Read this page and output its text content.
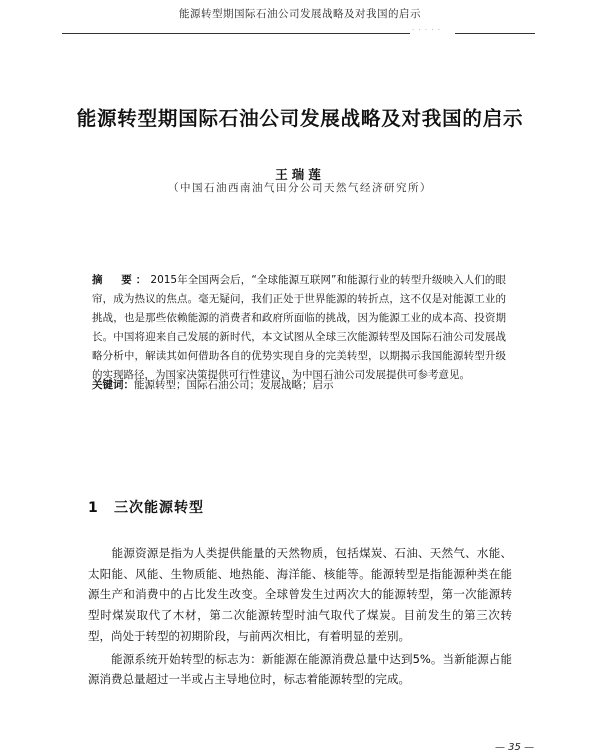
能源转型期国际石油公司发展战略及对我国的启示
· · · · ·
能源转型期国际石油公司发展战略及对我国的启示
王瑞莲
（中国石油西南油气田分公司天然气经济研究所）
摘　要：2015年全国两会后，“全球能源互联网”和能源行业的转型升级映入人们的眼帘，成为热议的焦点。毫无疑问，我们正处于世界能源的转折点，这不仅是对能源工业的挑战，也是那些依赖能源的消费者和政府所面临的挑战，因为能源工业的成本高、投资期长。中国将迎来自己发展的新时代，本文试图从全球三次能源转型及国际石油公司发展战略分析中，解读其如何借助各自的优势实现自身的完美转型，以期揭示我国能源转型升级的实现路径，为国家决策提供可行性建议，为中国石油公司发展提供可参考意见。
关键词：能源转型；国际石油公司；发展战略；启示
1 三次能源转型

　　能源资源是指为人类提供能量的天然物质，包括煤炭、石油、天然气、水能、太阳能、风能、生物质能、地热能、海洋能、核能等。能源转型是指能源种类在能源生产和消费中的占比发生改变。全球曾发生过两次大的能源转型，第一次能源转型时煤炭取代了木材，第二次能源转型时油气取代了煤炭。目前发生的第三次转型，尚处于转型的初期阶段，与前两次相比，有着明显的差别。

　　能源系统开始转型的标志为：新能源在能源消费总量中达到5%。当新能源占能源消费总量超过一半或占主导地位时，标志着能源转型的完成。

— 35 —
